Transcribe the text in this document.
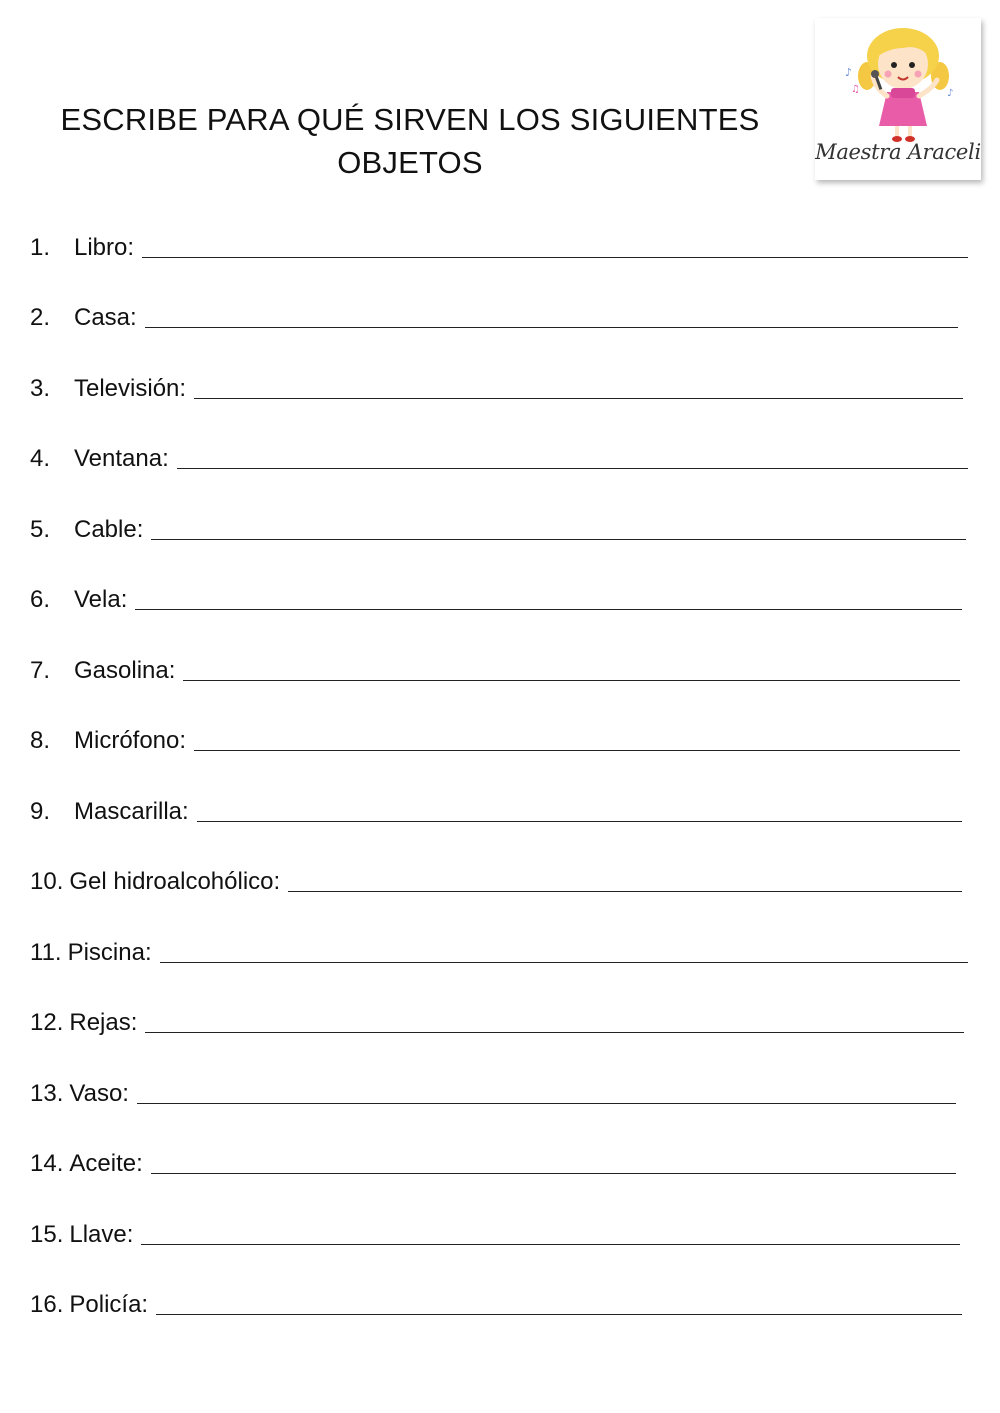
ESCRIBE PARA QUÉ SIRVEN LOS SIGUIENTES
OBJETOS
♪
♫	♪
Maestra Araceli
1. Libro:
2. Casa:
3. Televisión:
4. Ventana:
5. Cable:
6. Vela:
7. Gasolina:
8. Micrófono:
9. Mascarilla:
10. Gel hidroalcohólico:
11. Piscina:
12. Rejas:
13. Vaso:
14. Aceite:
15. Llave:
16. Policía:
